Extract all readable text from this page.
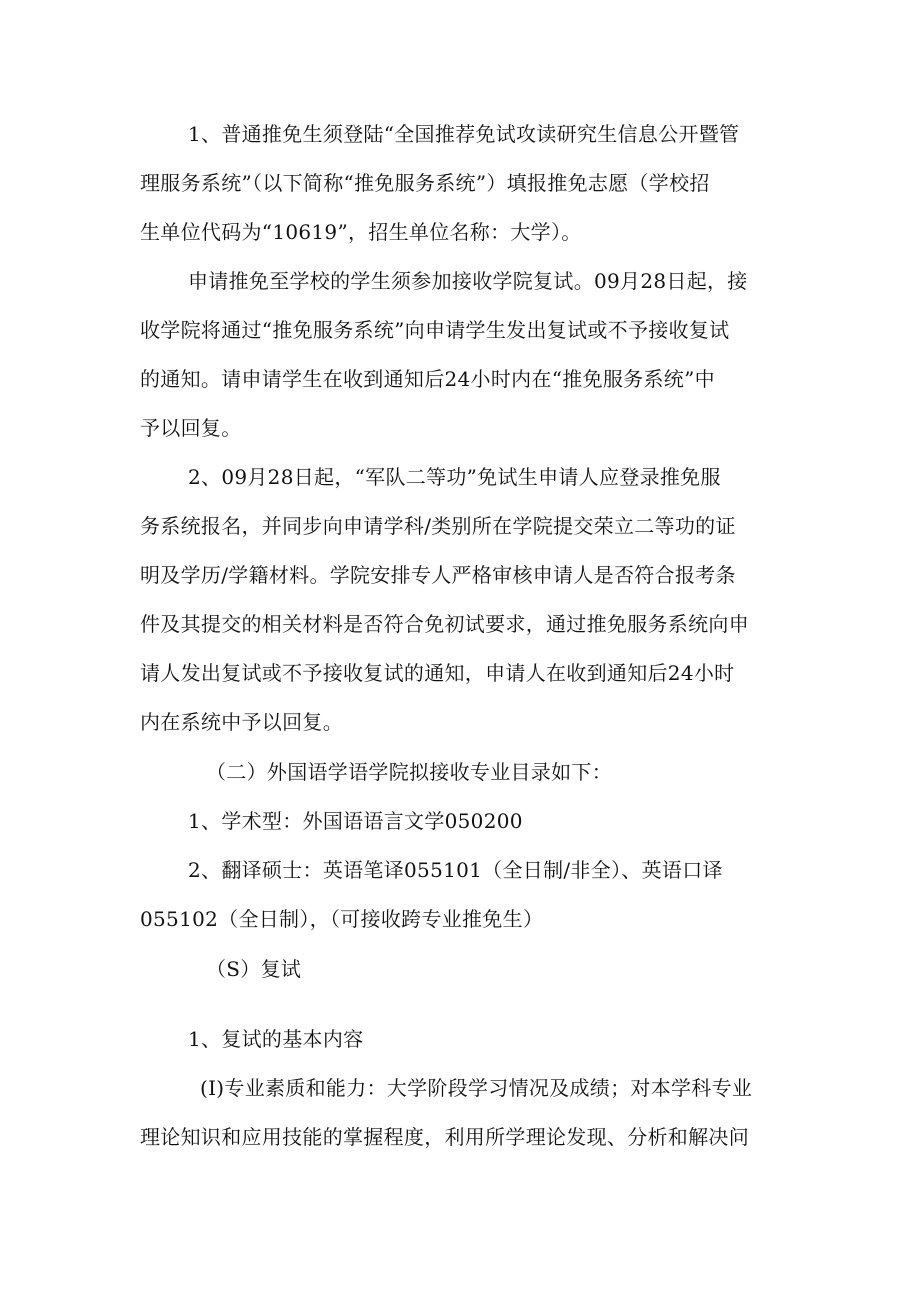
1、普通推免生须登陆“全国推荐免试攻读研究生信息公开暨管
理服务系统”（以下简称“推免服务系统”）填报推免志愿（学校招
生单位代码为“10619”，招生单位名称：大学）。
申请推免至学校的学生须参加接收学院复试。09月28日起，接
收学院将通过“推免服务系统”向申请学生发出复试或不予接收复试
的通知。请申请学生在收到通知后24小时内在“推免服务系统”中
予以回复。
2、09月28日起，“军队二等功”免试生申请人应登录推免服
务系统报名，并同步向申请学科/类别所在学院提交荣立二等功的证
明及学历/学籍材料。学院安排专人严格审核申请人是否符合报考条
件及其提交的相关材料是否符合免初试要求，通过推免服务系统向申
请人发出复试或不予接收复试的通知，申请人在收到通知后24小时
内在系统中予以回复。
（二）外国语学语学院拟接收专业目录如下：
1、学术型：外国语语言文学050200
2、翻译硕士：英语笔译055101（全日制/非全）、英语口译
055102（全日制），（可接收跨专业推免生）
（S）复试
1、复试的基本内容
(I)专业素质和能力：大学阶段学习情况及成绩；对本学科专业
理论知识和应用技能的掌握程度，利用所学理论发现、分析和解决问
